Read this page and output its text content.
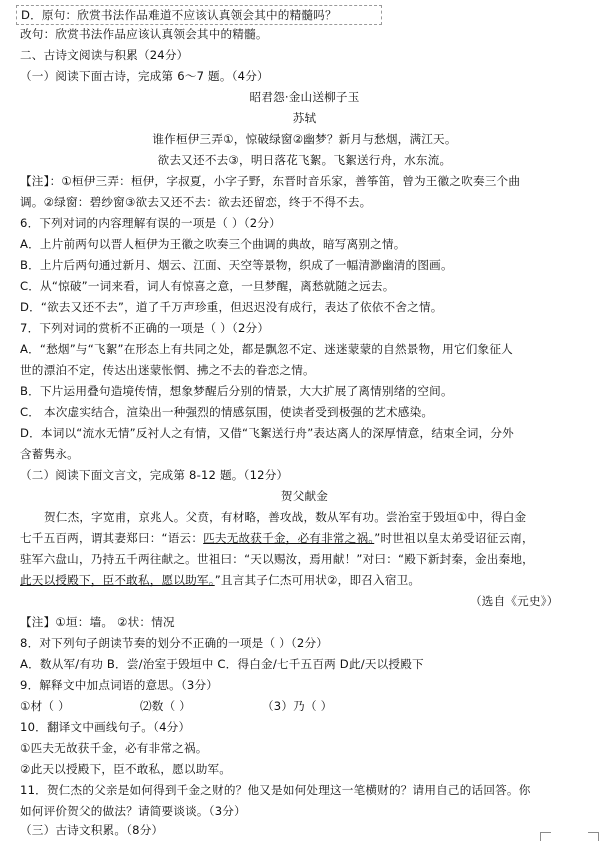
D．原句：欣赏书法作品难道不应该认真领会其中的精髓吗？
改句：欣赏书法作品应该认真领会其中的精髓。
二、古诗文阅读与积累（24分）
（一）阅读下面古诗，完成第 6～7 题。（4分）
昭君怨·金山送柳子玉
苏轼
谁作桓伊三弄①，惊破绿窗②幽梦？新月与愁烟，满江天。
欲去又还不去③，明日落花飞絮。飞絮送行舟，水东流。
【注】：①桓伊三弄：桓伊，字叔夏，小字子野，东晋时音乐家，善筝笛，曾为王徽之吹奏三个曲
调。②绿窗：碧纱窗③欲去又还不去：欲去还留恋，终于不得不去。
6．下列对词的内容理解有误的一项是（ ）（2分）
A．上片前两句以晋人桓伊为王徽之吹奏三个曲调的典故，暗写离别之情。
B．上片后两句通过新月、烟云、江面、天空等景物，织成了一幅清渺幽清的图画。
C．从“惊破”一词来看，词人有惊喜之意，一旦梦醒，离愁就随之远去。
D．“欲去又还不去”，道了千万声珍重，但迟迟没有成行，表达了依依不舍之情。
7．下列对词的赏析不正确的一项是（ ）（2分）
A．“愁烟”与“飞絮”在形态上有共同之处，都是飘忽不定、迷迷蒙蒙的自然景物，用它们象征人
世的漂泊不定，传达出迷蒙怅惘、拂之不去的眷恋之情。
B．下片运用叠句造境传情，想象梦醒后分别的情景，大大扩展了离情别绪的空间。
C． 本次虚实结合，渲染出一种强烈的情感氛围，使读者受到极强的艺术感染。
D．本词以“流水无情”反衬人之有情，又借“飞絮送行舟”表达离人的深厚情意，结束全词，分外
含蓄隽永。
（二）阅读下面文言文，完成第 8-12 题。（12分）
贺父献金
贺仁杰，字宽甫，京兆人。父贲，有材略，善攻战，数从军有功。尝治室于毁垣①中，得白金
七千五百两，谓其妻郑曰：“语云：匹夫无故获千金，必有非常之祸。”时世祖以皇太弟受诏征云南，
驻军六盘山，乃持五千两往献之。世祖曰：“天以赐汝，焉用献！”对曰：“殿下新封秦，金出秦地，
此天以授殿下，臣不敢私，愿以助军。”且言其子仁杰可用状②，即召入宿卫。
（选自《元史》）
【注】①垣：墙。 ②状：情况
8．对下列句子朗读节奏的划分不正确的一项是（ ）（2分）
A．数从军/有功 B．尝/治室于毁垣中 C．得白金/七千五百两 D此/天以授殿下
9．解释文中加点词语的意思。（3分）
①材（ ）	⑵数（ ）	（3）乃（ ）
10．翻译文中画线句子。（4分）
①匹夫无故获千金，必有非常之祸。
②此天以授殿下，臣不敢私，愿以助军。
11．贺仁杰的父亲是如何得到千金之财的？他又是如何处理这一笔横财的？请用自己的话回答。你
如何评价贺父的做法？请简要谈谈。（3分）
（三）古诗文积累。（8分）
